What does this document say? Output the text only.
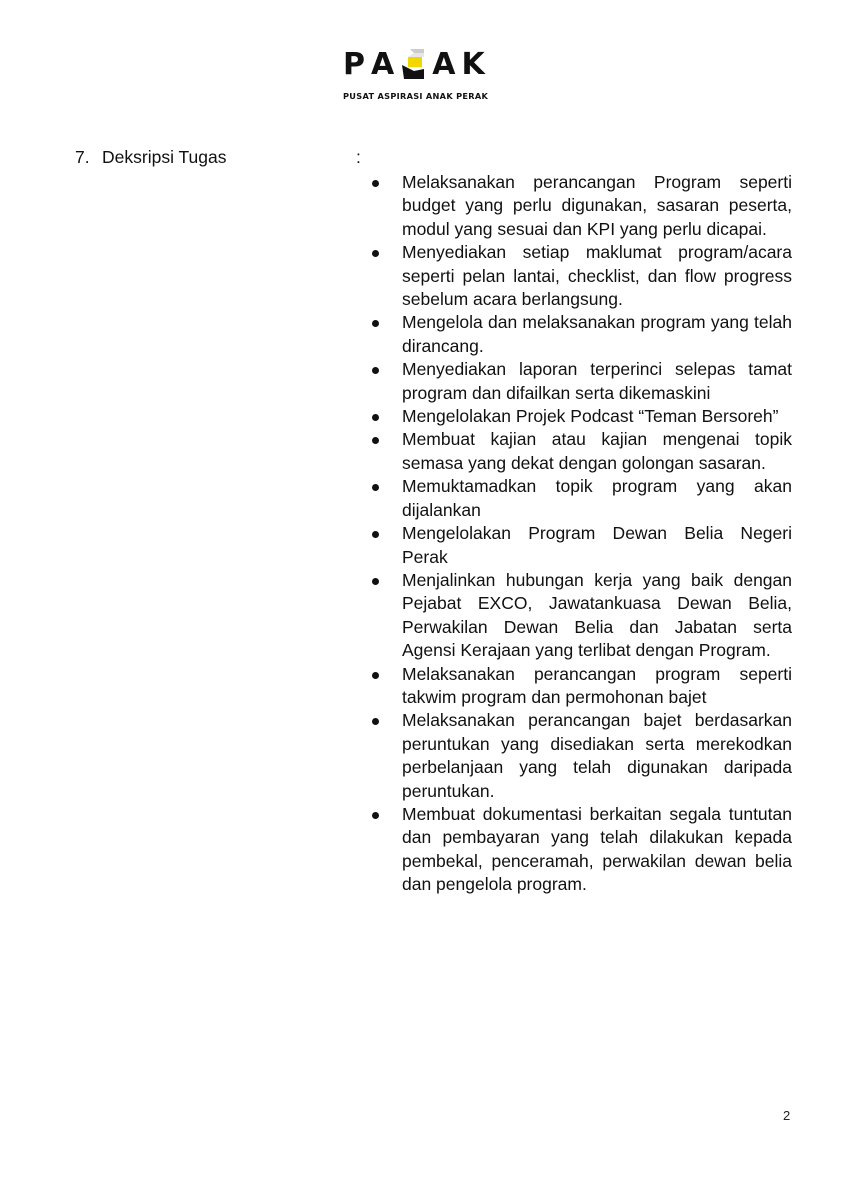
P A A K
PUSAT ASPIRASI ANAK PERAK
7. Deksripsi Tugas	:
Melaksanakan perancangan Program seperti budget yang perlu digunakan, sasaran peserta, modul yang sesuai dan KPI yang perlu dicapai.
Menyediakan setiap maklumat program/acara seperti pelan lantai, checklist, dan flow progress sebelum acara berlangsung.
Mengelola dan melaksanakan program yang telah dirancang.
Menyediakan laporan terperinci selepas tamat program dan difailkan serta dikemaskini
Mengelolakan Projek Podcast “Teman Bersoreh”
Membuat kajian atau kajian mengenai topik semasa yang dekat dengan golongan sasaran.
Memuktamadkan topik program yang akan dijalankan
Mengelolakan Program Dewan Belia Negeri Perak
Menjalinkan hubungan kerja yang baik dengan Pejabat EXCO, Jawatankuasa Dewan Belia, Perwakilan Dewan Belia dan Jabatan serta Agensi Kerajaan yang terlibat dengan Program.
Melaksanakan perancangan program seperti takwim program dan permohonan bajet
Melaksanakan perancangan bajet berdasarkan peruntukan yang disediakan serta merekodkan perbelanjaan yang telah digunakan daripada peruntukan.
Membuat dokumentasi berkaitan segala tuntutan dan pembayaran yang telah dilakukan kepada pembekal, penceramah, perwakilan dewan belia dan pengelola program.
2
